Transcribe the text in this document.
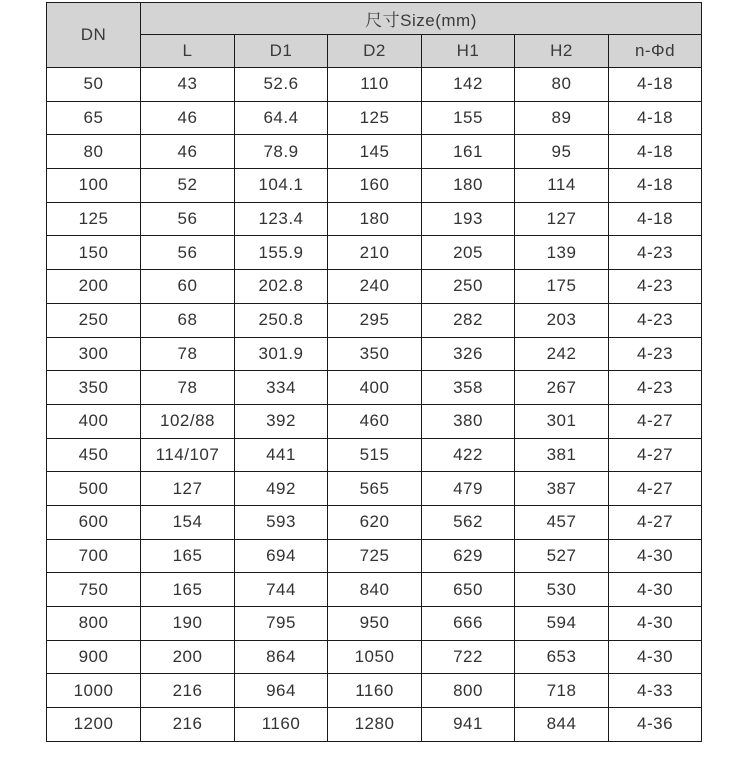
DN	尺寸Size(mm)					
	L	D1	D2	H1	H2	n-Φd
50	43	52.6	110	142	80	4-18
65	46	64.4	125	155	89	4-18
80	46	78.9	145	161	95	4-18
100	52	104.1	160	180	114	4-18
125	56	123.4	180	193	127	4-18
150	56	155.9	210	205	139	4-23
200	60	202.8	240	250	175	4-23
250	68	250.8	295	282	203	4-23
300	78	301.9	350	326	242	4-23
350	78	334	400	358	267	4-23
400	102/88	392	460	380	301	4-27
450	114/107	441	515	422	381	4-27
500	127	492	565	479	387	4-27
600	154	593	620	562	457	4-27
700	165	694	725	629	527	4-30
750	165	744	840	650	530	4-30
800	190	795	950	666	594	4-30
900	200	864	1050	722	653	4-30
1000	216	964	1160	800	718	4-33
1200	216	1160	1280	941	844	4-36
